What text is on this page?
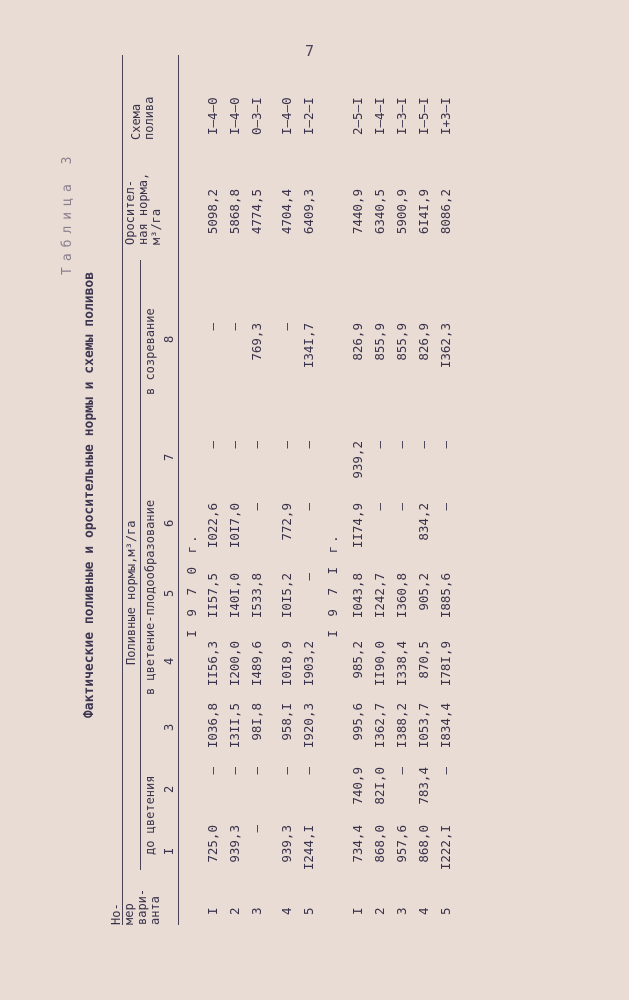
7
Таблица 3
Фактические поливные и оросительные нормы и схемы поливов
Но- мер вари- анта
Поливные нормы,м³/га
до цветения
в цветение-плодообразование
в созревание
Оросител- ная норма, м³/га
Схема полива
I
2
3
4
5
6
7
8
I 9 7 0 г.
I
725,0
–
I036,8
II56,3
II57,5
I022,6
–
–
5098,2
I–4–0
2
939,3
–
I3II,5
I200,0
I40I,0
I0I7,0
–
–
5868,8
I–4–0
3
–
–
98I,8
I489,6
I533,8
–
–
769,3
4774,5
0–3–I
4
939,3
–
958,I
I0I8,9
I0I5,2
772,9
–
–
4704,4
I–4–0
5
I244,I
–
I920,3
I903,2
–
–
–
I34I,7
6409,3
I–2–I
I 9 7 I г.
I
734,4
740,9
995,6
985,2
I043,8
II74,9
939,2
826,9
7440,9
2–5–I
2
868,0
82I,0
I362,7
II90,0
I242,7
–
–
855,9
6340,5
I–4–I
3
957,6
–
I388,2
I338,4
I360,8
–
–
855,9
5900,9
I–3–I
4
868,0
783,4
I053,7
870,5
905,2
834,2
–
826,9
6I4I,9
I–5–I
5
I222,I
–
I834,4
I78I,9
I885,6
–
–
I362,3
8086,2
I+3–I
